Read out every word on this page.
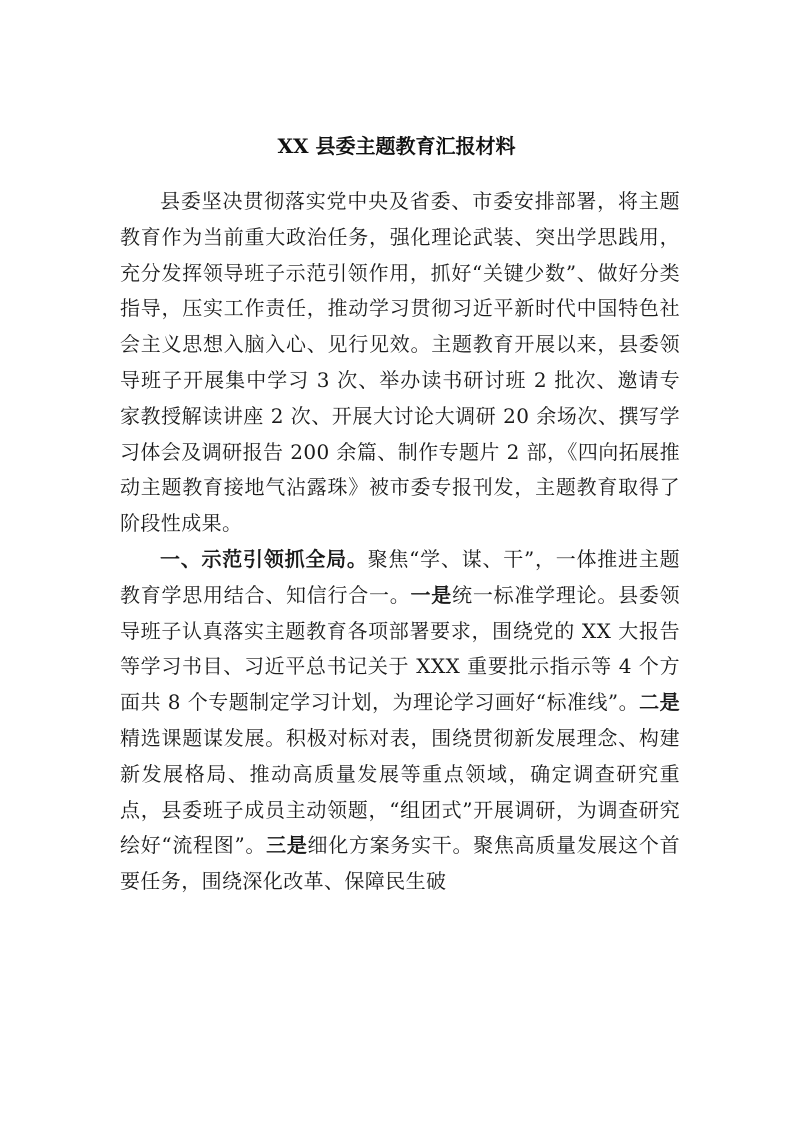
XX 县委主题教育汇报材料

县委坚决贯彻落实党中央及省委、市委安排部署，将主题教育作为当前重大政治任务，强化理论武装、突出学思践用，充分发挥领导班子示范引领作用，抓好“关键少数”、做好分类指导，压实工作责任，推动学习贯彻习近平新时代中国特色社会主义思想入脑入心、见行见效。主题教育开展以来，县委领导班子开展集中学习 3 次、举办读书研讨班 2 批次、邀请专家教授解读讲座 2 次、开展大讨论大调研 20 余场次、撰写学习体会及调研报告 200 余篇、制作专题片 2 部，《四向拓展推动主题教育接地气沾露珠》被市委专报刊发，主题教育取得了阶段性成果。

一、示范引领抓全局。聚焦“学、谋、干”，一体推进主题教育学思用结合、知信行合一。一是统一标准学理论。县委领导班子认真落实主题教育各项部署要求，围绕党的 XX 大报告等学习书目、习近平总书记关于 XXX 重要批示指示等 4 个方面共 8 个专题制定学习计划，为理论学习画好“标准线”。二是精选课题谋发展。积极对标对表，围绕贯彻新发展理念、构建新发展格局、推动高质量发展等重点领域，确定调查研究重点，县委班子成员主动领题，“组团式”开展调研，为调查研究绘好“流程图”。三是细化方案务实干。聚焦高质量发展这个首要任务，围绕深化改革、保障民生破
